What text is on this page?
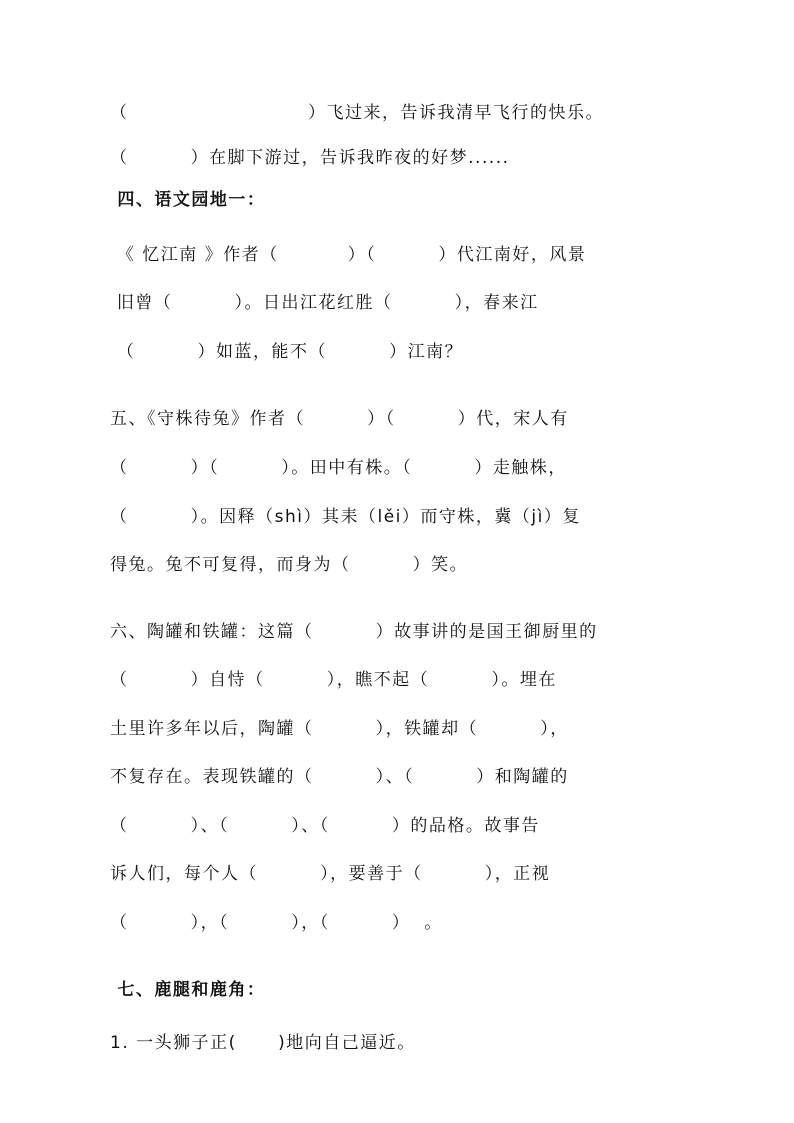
（                          ）飞过来，告诉我清早飞行的快乐。
（         ）在脚下游过，告诉我昨夜的好梦......
四、语文园地一：
《 忆江南 》作者（          ）（         ）代江南好，风景
旧曾（         ）。日出江花红胜（         ），春来江
（         ）如蓝，能不（         ）江南？
五、《守株待兔》作者（         ）（         ）代，宋人有
（         ）（         ）。田中有株。（         ）走触株，
（         ）。因释（shì）其耒（lěi）而守株，冀（jì）复
得兔。兔不可复得，而身为（         ）笑。
六、陶罐和铁罐：这篇（         ）故事讲的是国王御厨里的
（         ）自恃（         ），瞧不起（         ）。埋在
土里许多年以后，陶罐（         ），铁罐却（         ），
不复存在。表现铁罐的（         ）、（         ）和陶罐的
（         ）、（         ）、（         ）的品格。故事告
诉人们，每个人（         ），要善于（         ），正视
（         ），（         ），（         ）  。
七、鹿腿和鹿角：
1. 一头狮子正(      )地向自己逼近。
